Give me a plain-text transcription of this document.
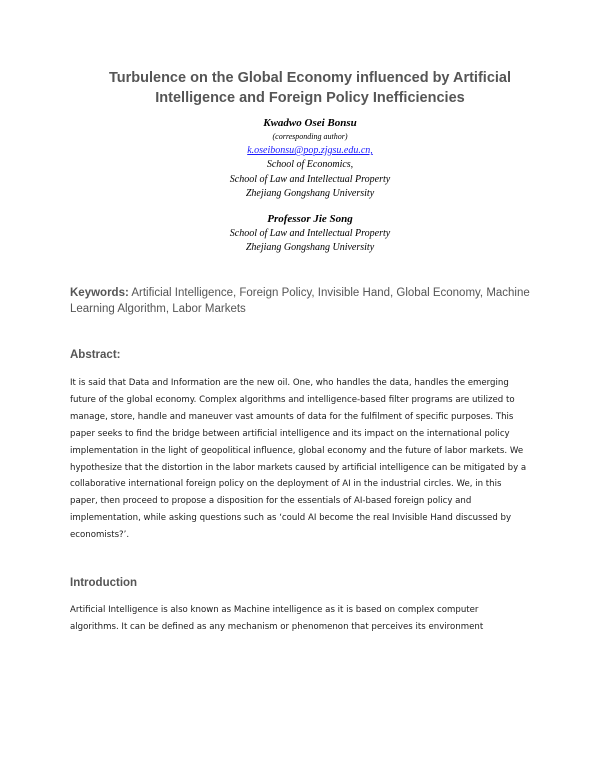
Turbulence on the Global Economy influenced by Artificial
Intelligence and Foreign Policy Inefficiencies
Kwadwo Osei Bonsu
(corresponding author)
k.oseibonsu@pop.zjgsu.edu.cn,
School of Economics,
School of Law and Intellectual Property
Zhejiang Gongshang University
Professor Jie Song
School of Law and Intellectual Property
Zhejiang Gongshang University
Keywords: Artificial Intelligence, Foreign Policy, Invisible Hand, Global Economy, Machine Learning Algorithm, Labor Markets
Abstract:
It is said that Data and Information are the new oil. One, who handles the data, handles the emerging future of the global economy. Complex algorithms and intelligence-based filter programs are utilized to manage, store, handle and maneuver vast amounts of data for the fulfilment of specific purposes. This paper seeks to find the bridge between artificial intelligence and its impact on the international policy implementation in the light of geopolitical influence, global economy and the future of labor markets. We hypothesize that the distortion in the labor markets caused by artificial intelligence can be mitigated by a collaborative international foreign policy on the deployment of AI in the industrial circles. We, in this paper, then proceed to propose a disposition for the essentials of AI-based foreign policy and implementation, while asking questions such as ‘could AI become the real Invisible Hand discussed by economists?’.
Introduction
Artificial Intelligence is also known as Machine intelligence as it is based on complex computer algorithms. It can be defined as any mechanism or phenomenon that perceives its environment
